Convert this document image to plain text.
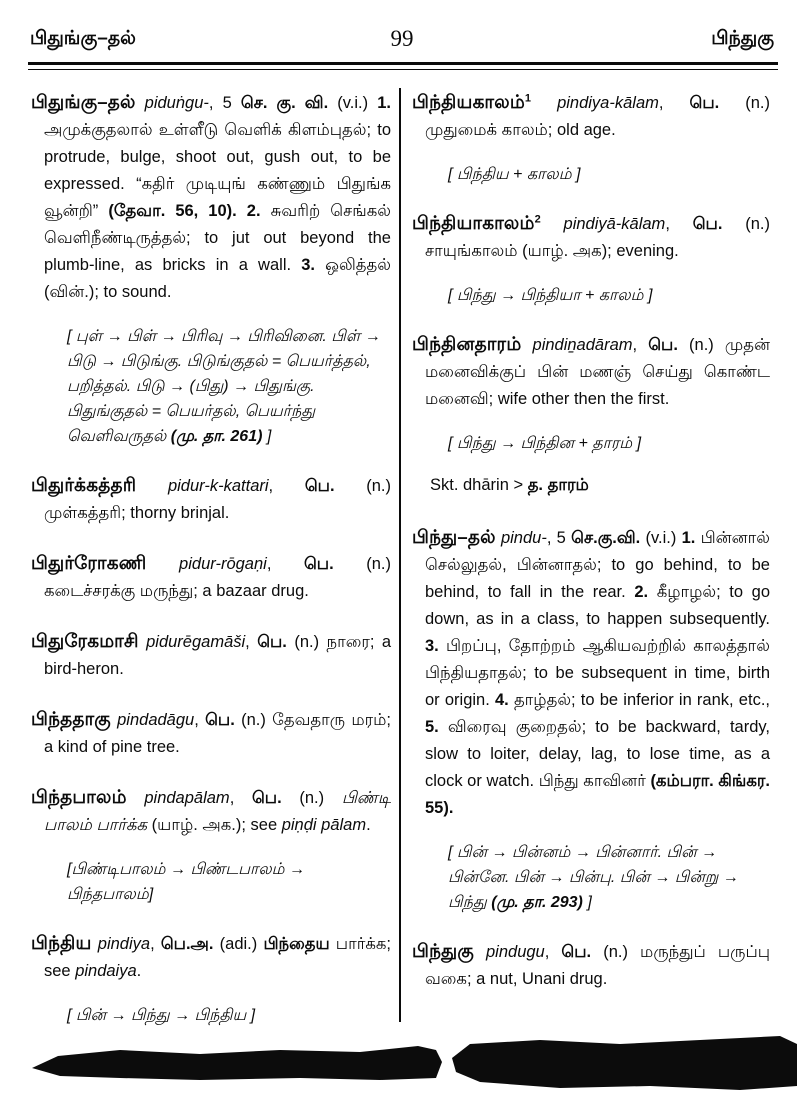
பிதுங்கு–தல்	99	பிந்துகு

பிதுங்கு–தல் piduṅgu-, 5 செ. கு. வி. (v.i.) 1. அமுக்குதலால் உள்ளீடு வெளிக் கிளம்புதல்; to protrude, bulge, shoot out, gush out, to be expressed. “கதிர் முடியுங் கண்ணும் பிதுங்க வூன்றி” (தேவா. 56, 10). 2. சுவரிற் செங்கல் வெளிநீண்டிருத்தல்; to jut out beyond the plumb-line, as bricks in a wall. 3. ஒலித்தல் (வின்.); to sound.

[ புள் → பிள் → பிரிவு → பிரிவினை. பிள் → பிடு → பிடுங்கு. பிடுங்குதல் = பெயர்த்தல், பறித்தல். பிடு → (பிது) → பிதுங்கு. பிதுங்குதல் = பெயர்தல், பெயர்ந்து வெளிவருதல் (மு. தா. 261) ]

பிதுர்க்கத்தரி pidur-k-kattari, பெ. (n.) முள்கத்தரி; thorny brinjal.

பிதுர்ரோகணி pidur-rōgaṇi, பெ. (n.) கடைச்சரக்கு மருந்து; a bazaar drug.

பிதுரேகமாசி pidurēgamāši, பெ. (n.) நாரை; a bird-heron.

பிந்ததாகு pindadāgu, பெ. (n.) தேவதாரு மரம்; a kind of pine tree.

பிந்தபாலம் pindapālam, பெ. (n.) பிண்டி பாலம் பார்க்க (யாழ். அக.); see piṇḍi pālam.

[பிண்டிபாலம் → பிண்டபாலம் → பிந்தபாலம்]

பிந்திய pindiya, பெ.அ. (adi.) பிந்தைய பார்க்க; see pindaiya.

[ பின் → பிந்து → பிந்திய ]

பிந்தியகாலம்$^1$ pindiya-kālam, பெ. (n.) முதுமைக் காலம்; old age.

[ பிந்திய + காலம் ]

பிந்தியாகாலம்$^2$ pindiyā-kālam, பெ. (n.) சாயுங்காலம் (யாழ். அக); evening.

[ பிந்து → பிந்தியா + காலம் ]

பிந்தினதாரம் pindiṉadāram, பெ. (n.) முதன் மனைவிக்குப் பின் மணஞ் செய்து கொண்ட மனைவி; wife other then the first.

[ பிந்து → பிந்தின + தாரம் ]

Skt. dhārin > த. தாரம்

பிந்து–தல் pindu-, 5 செ.கு.வி. (v.i.) 1. பின்னால் செல்லுதல், பின்னாதல்; to go behind, to be behind, to fall in the rear. 2. கீழாழல்; to go down, as in a class, to happen subsequently. 3. பிறப்பு, தோற்றம் ஆகியவற்றில் காலத்தால் பிந்தியதாதல்; to be subsequent in time, birth or origin. 4. தாழ்தல்; to be inferior in rank, etc., 5. விரைவு குறைதல்; to be backward, tardy, slow to loiter, delay, lag, to lose time, as a clock or watch. பிந்து காவினர் (கம்பரா. கிங்கர. 55).

[ பின் → பின்னம் → பின்னார். பின் → பின்னே. பின் → பின்பு. பின் → பின்று → பிந்து (மு. தா. 293) ]

பிந்துகு pindugu, பெ. (n.) மருந்துப் பருப்பு வகை; a nut, Unani drug.
